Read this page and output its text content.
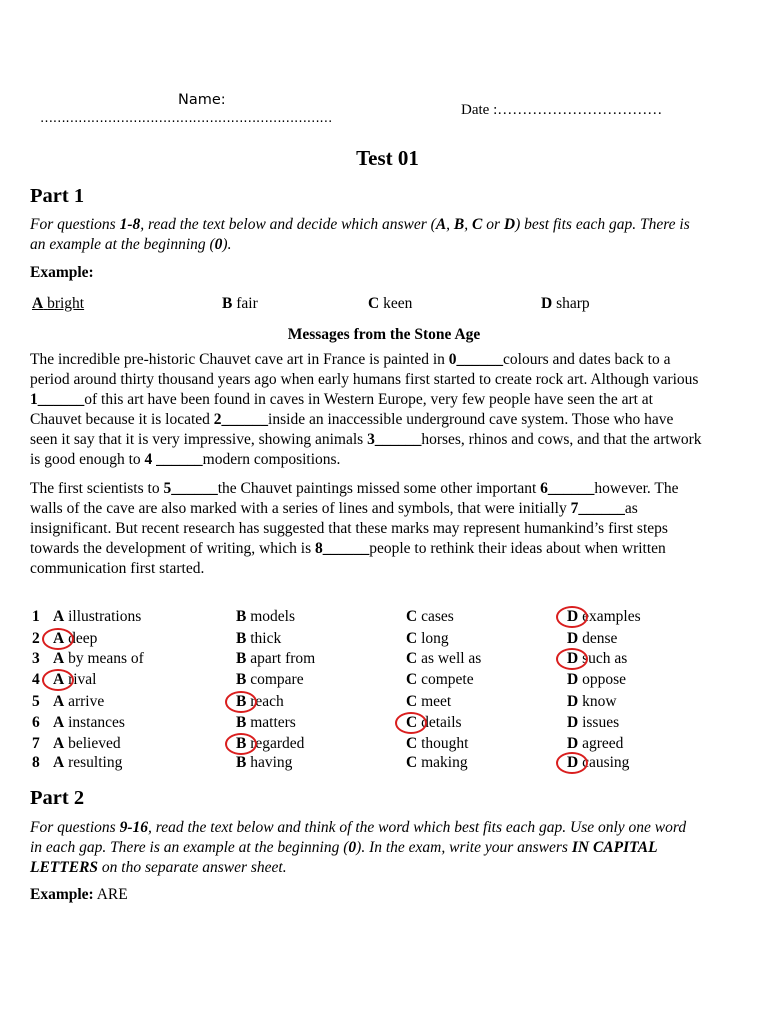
Name:
……………………………………………………………
Date :……………………………
Test 01
Part 1
For questions 1-8, read the text below and decide which answer (A, B, C or D) best fits each gap. There is
an example at the beginning (0).
Example:
A bright	B fair	C keen	D sharp
Messages from the Stone Age
The incredible pre-historic Chauvet cave art in France is painted in 0______colours and dates back to a
period around thirty thousand years ago when early humans first started to create rock art. Although various
1______of this art have been found in caves in Western Europe, very few people have seen the art at
Chauvet because it is located 2______inside an inaccessible underground cave system. Those who have
seen it say that it is very impressive, showing animals 3______horses, rhinos and cows, and that the artwork
is good enough to 4 ______modern compositions.
The first scientists to 5______the Chauvet paintings missed some other important 6______however. The
walls of the cave are also marked with a series of lines and symbols, that were initially 7______as
insignificant. But recent research has suggested that these marks may represent humankind’s first steps
towards the development of writing, which is 8______people to rethink their ideas about when written
communication first started.
1 A illustrations	B models	C cases	D examples
2 A deep	B thick	C long	D dense
3 A by means of	B apart from	C as well as	D such as
4 A rival	B compare	C compete	D oppose
5 A arrive	B reach	C meet	D know
6 A instances	B matters	C details	D issues
7 A believed	B regarded	C thought	D agreed
8 A resulting	B having	C making	D causing
Part 2
For questions 9-16, read the text below and think of the word which best fits each gap. Use only one word
in each gap. There is an example at the beginning (0). In the exam, write your answers IN CAPITAL
LETTERS on tho separate answer sheet.
Example: ARE
